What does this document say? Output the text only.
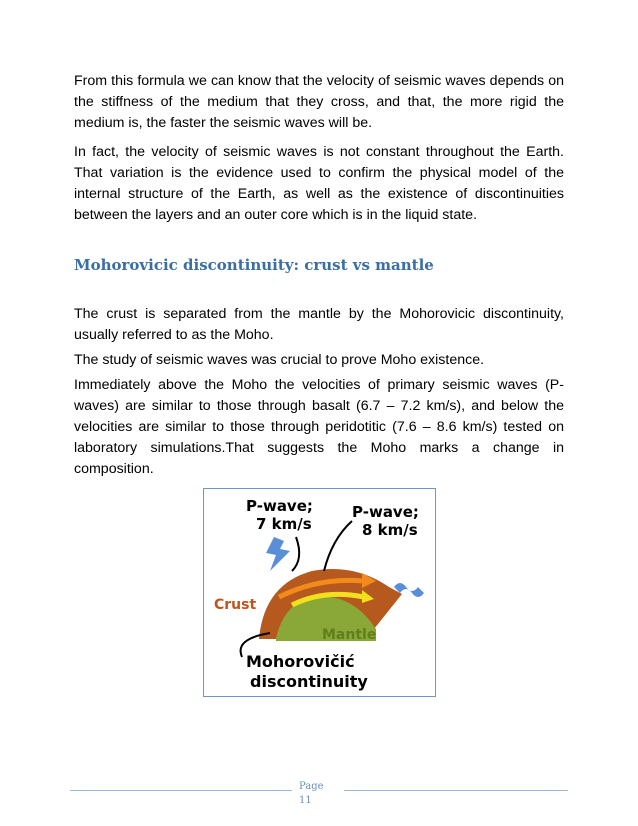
From this formula we can know that the velocity of seismic waves depends on the stiffness of the medium that they cross, and that, the more rigid the medium is, the faster the seismic waves will be.

In fact, the velocity of seismic waves is not constant throughout the Earth. That variation is the evidence used to confirm the physical model of the internal structure of the Earth, as well as the existence of discontinuities between the layers and an outer core which is in the liquid state.

Mohorovicic discontinuity: crust vs mantle

The crust is separated from the mantle by the Mohorovicic discontinuity, usually referred to as the Moho.

The study of seismic waves was crucial to prove Moho existence.

Immediately above the Moho the velocities of primary seismic waves (P-waves) are similar to those through basalt (6.7 – 7.2 km/s), and below the velocities are similar to those through peridotitic (7.6 – 8.6 km/s) tested on laboratory simulations.That suggests the Moho marks a change in composition.

P-wave;
7 km/s
P-wave;
8 km/s
Crust
Mantle
Mohorovičić
discontinuity
Page
11
